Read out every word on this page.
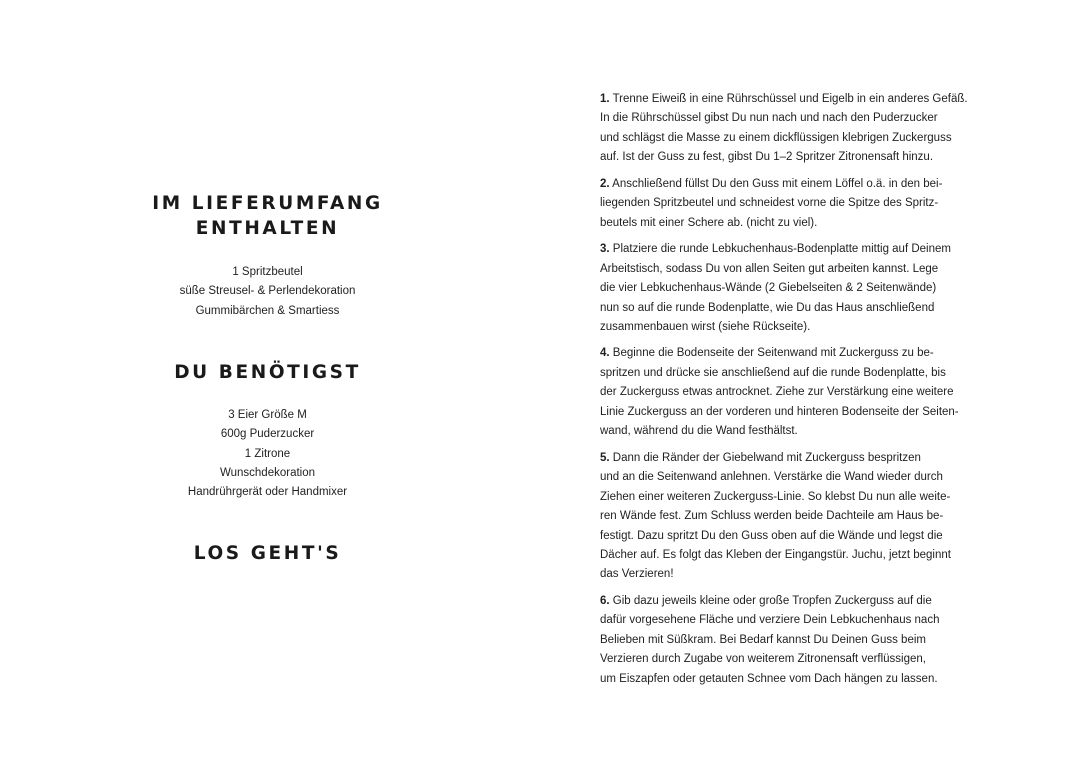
IM LIEFERUMFANG
ENTHALTEN
1 Spritzbeutel
süße Streusel- & Perlendekoration
Gummibärchen & Smartiess
DU BENÖTIGST
3 Eier Größe M
600g Puderzucker
1 Zitrone
Wunschdekoration
Handrührgerät oder Handmixer
LOS GEHT'S

1. Trenne Eiweiß in eine Rührschüssel und Eigelb in ein anderes Gefäß.
In die Rührschüssel gibst Du nun nach und nach den Puderzucker
und schlägst die Masse zu einem dickflüssigen klebrigen Zuckerguss
auf. Ist der Guss zu fest, gibst Du 1–2 Spritzer Zitronensaft hinzu.

2. Anschließend füllst Du den Guss mit einem Löffel o.ä. in den bei-
liegenden Spritzbeutel und schneidest vorne die Spitze des Spritz-
beutels mit einer Schere ab. (nicht zu viel).

3. Platziere die runde Lebkuchenhaus-Bodenplatte mittig auf Deinem
Arbeitstisch, sodass Du von allen Seiten gut arbeiten kannst. Lege
die vier Lebkuchenhaus-Wände (2 Giebelseiten & 2 Seitenwände)
nun so auf die runde Bodenplatte, wie Du das Haus anschließend
zusammenbauen wirst (siehe Rückseite).

4. Beginne die Bodenseite der Seitenwand mit Zuckerguss zu be-
spritzen und drücke sie anschließend auf die runde Bodenplatte, bis
der Zuckerguss etwas antrocknet. Ziehe zur Verstärkung eine weitere
Linie Zuckerguss an der vorderen und hinteren Bodenseite der Seiten-
wand, während du die Wand festhältst.

5. Dann die Ränder der Giebelwand mit Zuckerguss bespritzen
und an die Seitenwand anlehnen. Verstärke die Wand wieder durch
Ziehen einer weiteren Zuckerguss-Linie. So klebst Du nun alle weite-
ren Wände fest. Zum Schluss werden beide Dachteile am Haus be-
festigt. Dazu spritzt Du den Guss oben auf die Wände und legst die
Dächer auf. Es folgt das Kleben der Eingangstür. Juchu, jetzt beginnt
das Verzieren!

6. Gib dazu jeweils kleine oder große Tropfen Zuckerguss auf die
dafür vorgesehene Fläche und verziere Dein Lebkuchenhaus nach
Belieben mit Süßkram. Bei Bedarf kannst Du Deinen Guss beim
Verzieren durch Zugabe von weiterem Zitronensaft verflüssigen,
um Eiszapfen oder getauten Schnee vom Dach hängen zu lassen.
